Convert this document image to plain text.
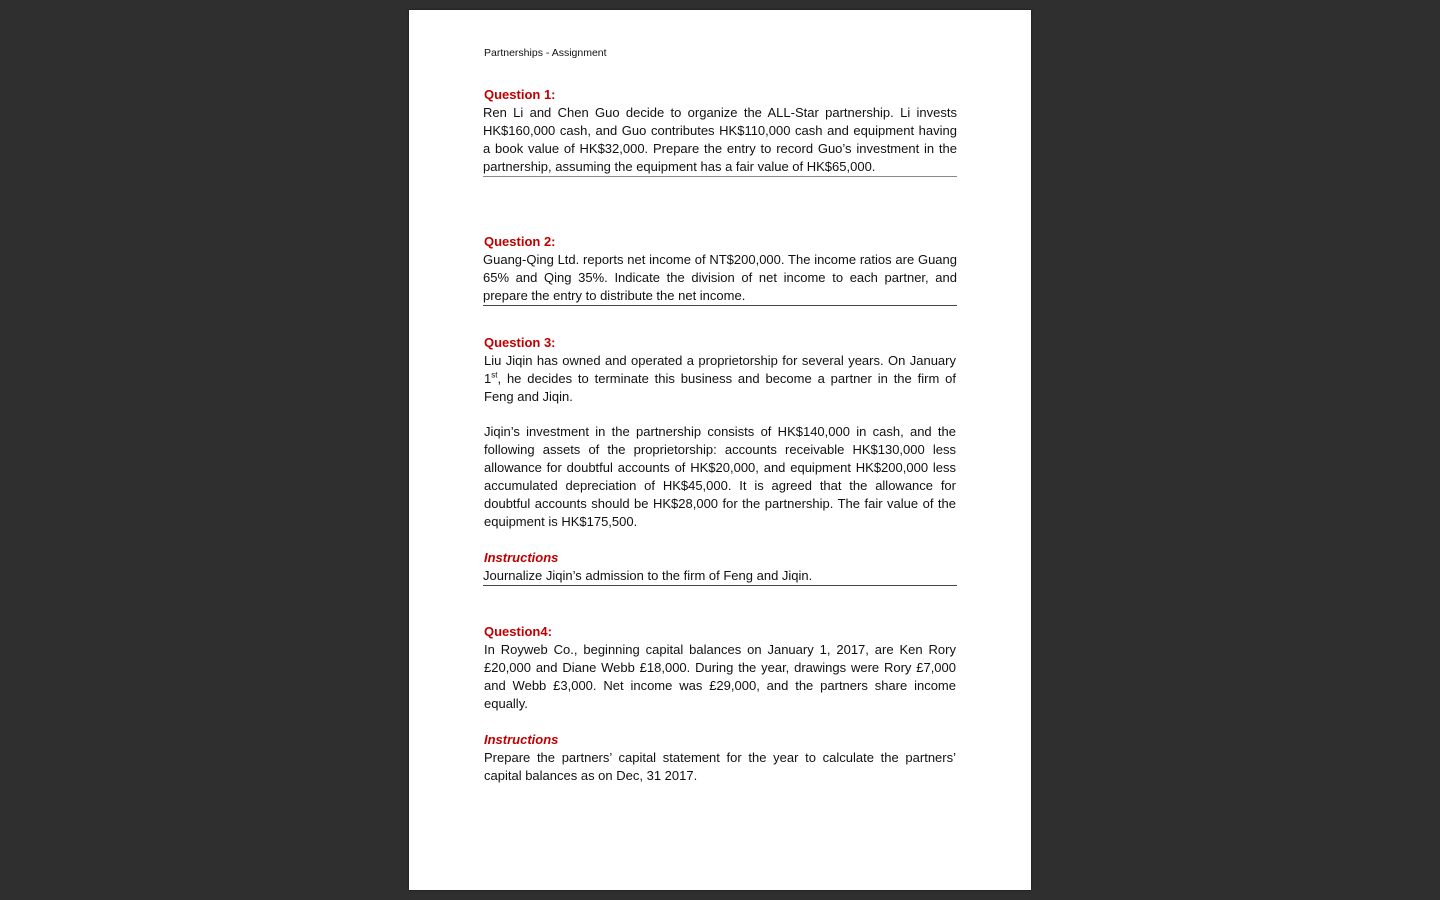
Partnerships - Assignment
Question 1:

Ren Li and Chen Guo decide to organize the ALL-Star partnership. Li invests HK$160,000 cash, and Guo contributes HK$110,000 cash and equipment having a book value of HK$32,000. Prepare the entry to record Guo’s investment in the partnership, assuming the equipment has a fair value of HK$65,000.

Question 2:

Guang-Qing Ltd. reports net income of NT$200,000. The income ratios are Guang 65% and Qing 35%. Indicate the division of net income to each partner, and prepare the entry to distribute the net income.

Question 3:

Liu Jiqin has owned and operated a proprietorship for several years. On January 1st, he decides to terminate this business and become a partner in the firm of Feng and Jiqin.

Jiqin’s investment in the partnership consists of HK$140,000 in cash, and the following assets of the proprietorship: accounts receivable HK$130,000 less allowance for doubtful accounts of HK$20,000, and equipment HK$200,000 less accumulated depreciation of HK$45,000. It is agreed that the allowance for doubtful accounts should be HK$28,000 for the partnership. The fair value of the equipment is HK$175,500.

Instructions

Journalize Jiqin’s admission to the firm of Feng and Jiqin.

Question4:

In Royweb Co., beginning capital balances on January 1, 2017, are Ken Rory £20,000 and Diane Webb £18,000. During the year, drawings were Rory £7,000 and Webb £3,000. Net income was £29,000, and the partners share income equally.

Instructions

Prepare the partners’ capital statement for the year to calculate the partners’ capital balances as on Dec, 31 2017.
